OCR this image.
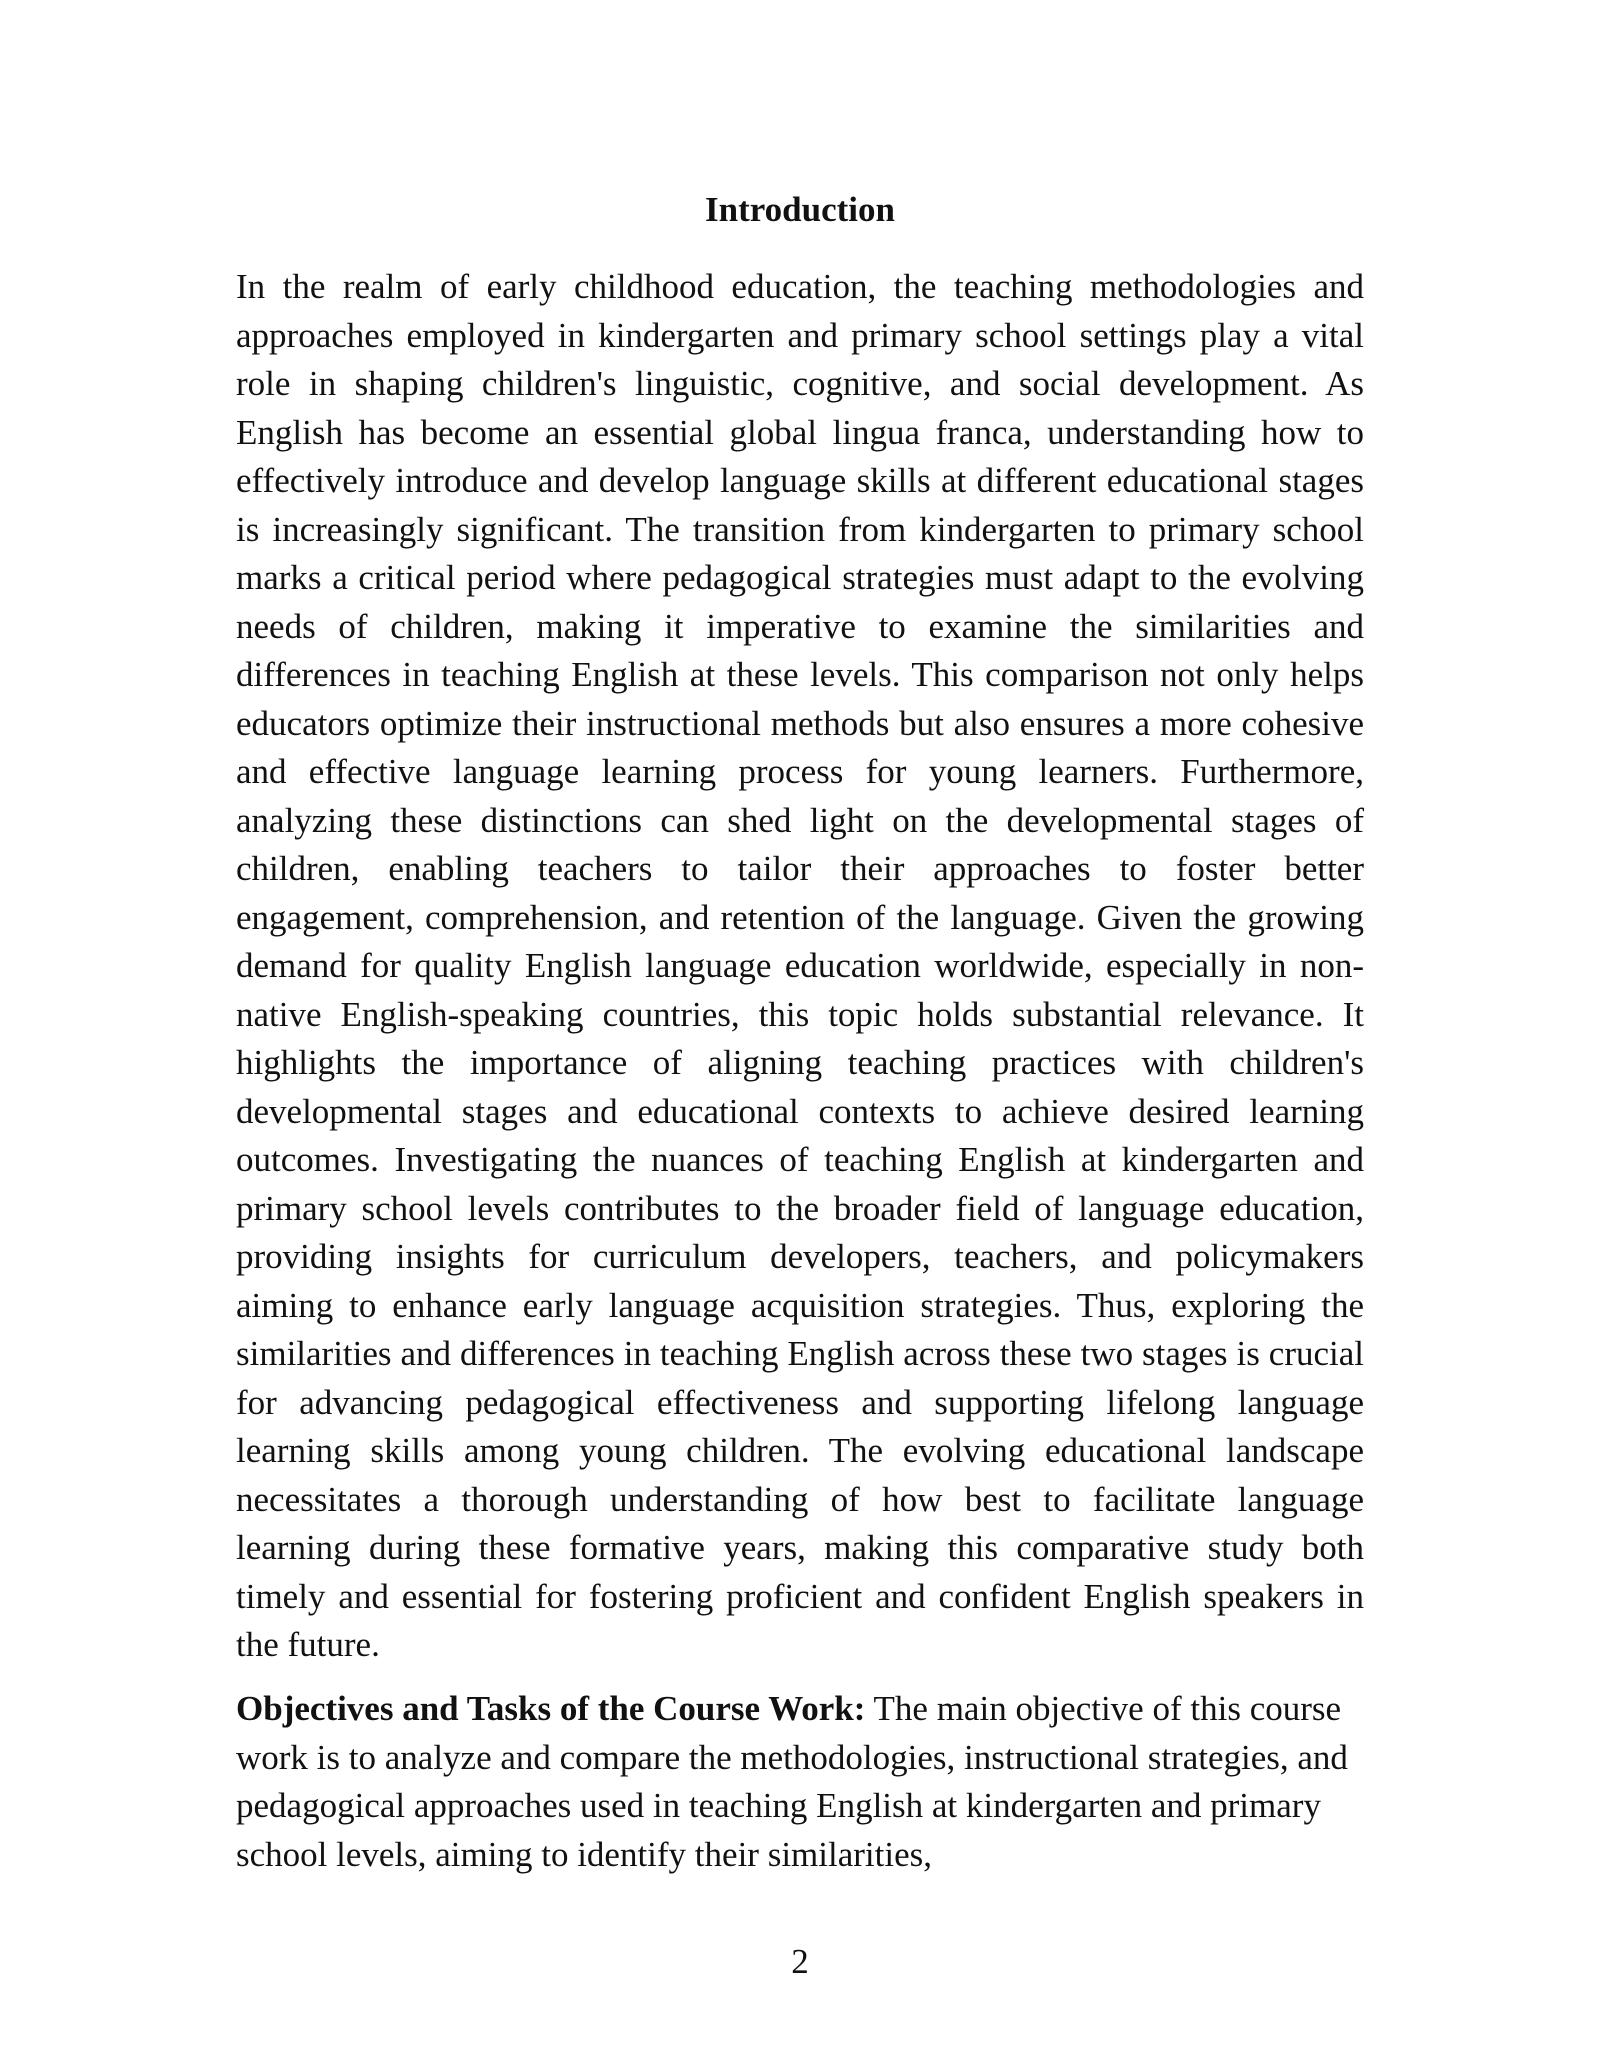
Introduction

In the realm of early childhood education, the teaching methodologies and approaches employed in kindergarten and primary school settings play a vital role in shaping children's linguistic, cognitive, and social development. As English has become an essential global lingua franca, understanding how to effectively introduce and develop language skills at different educational stages is increasingly significant. The transition from kindergarten to primary school marks a critical period where pedagogical strategies must adapt to the evolving needs of children, making it imperative to examine the similarities and differences in teaching English at these levels. This comparison not only helps educators optimize their instructional methods but also ensures a more cohesive and effective language learning process for young learners. Furthermore, analyzing these distinctions can shed light on the developmental stages of children, enabling teachers to tailor their approaches to foster better engagement, comprehension, and retention of the language. Given the growing demand for quality English language education worldwide, especially in non-native English-speaking countries, this topic holds substantial relevance. It highlights the importance of aligning teaching practices with children's developmental stages and educational contexts to achieve desired learning outcomes. Investigating the nuances of teaching English at kindergarten and primary school levels contributes to the broader field of language education, providing insights for curriculum developers, teachers, and policymakers aiming to enhance early language acquisition strategies. Thus, exploring the similarities and differences in teaching English across these two stages is crucial for advancing pedagogical effectiveness and supporting lifelong language learning skills among young children. The evolving educational landscape necessitates a thorough understanding of how best to facilitate language learning during these formative years, making this comparative study both timely and essential for fostering proficient and confident English speakers in the future.

Objectives and Tasks of the Course Work: The main objective of this course work is to analyze and compare the methodologies, instructional strategies, and pedagogical approaches used in teaching English at kindergarten and primary school levels, aiming to identify their similarities,

2
